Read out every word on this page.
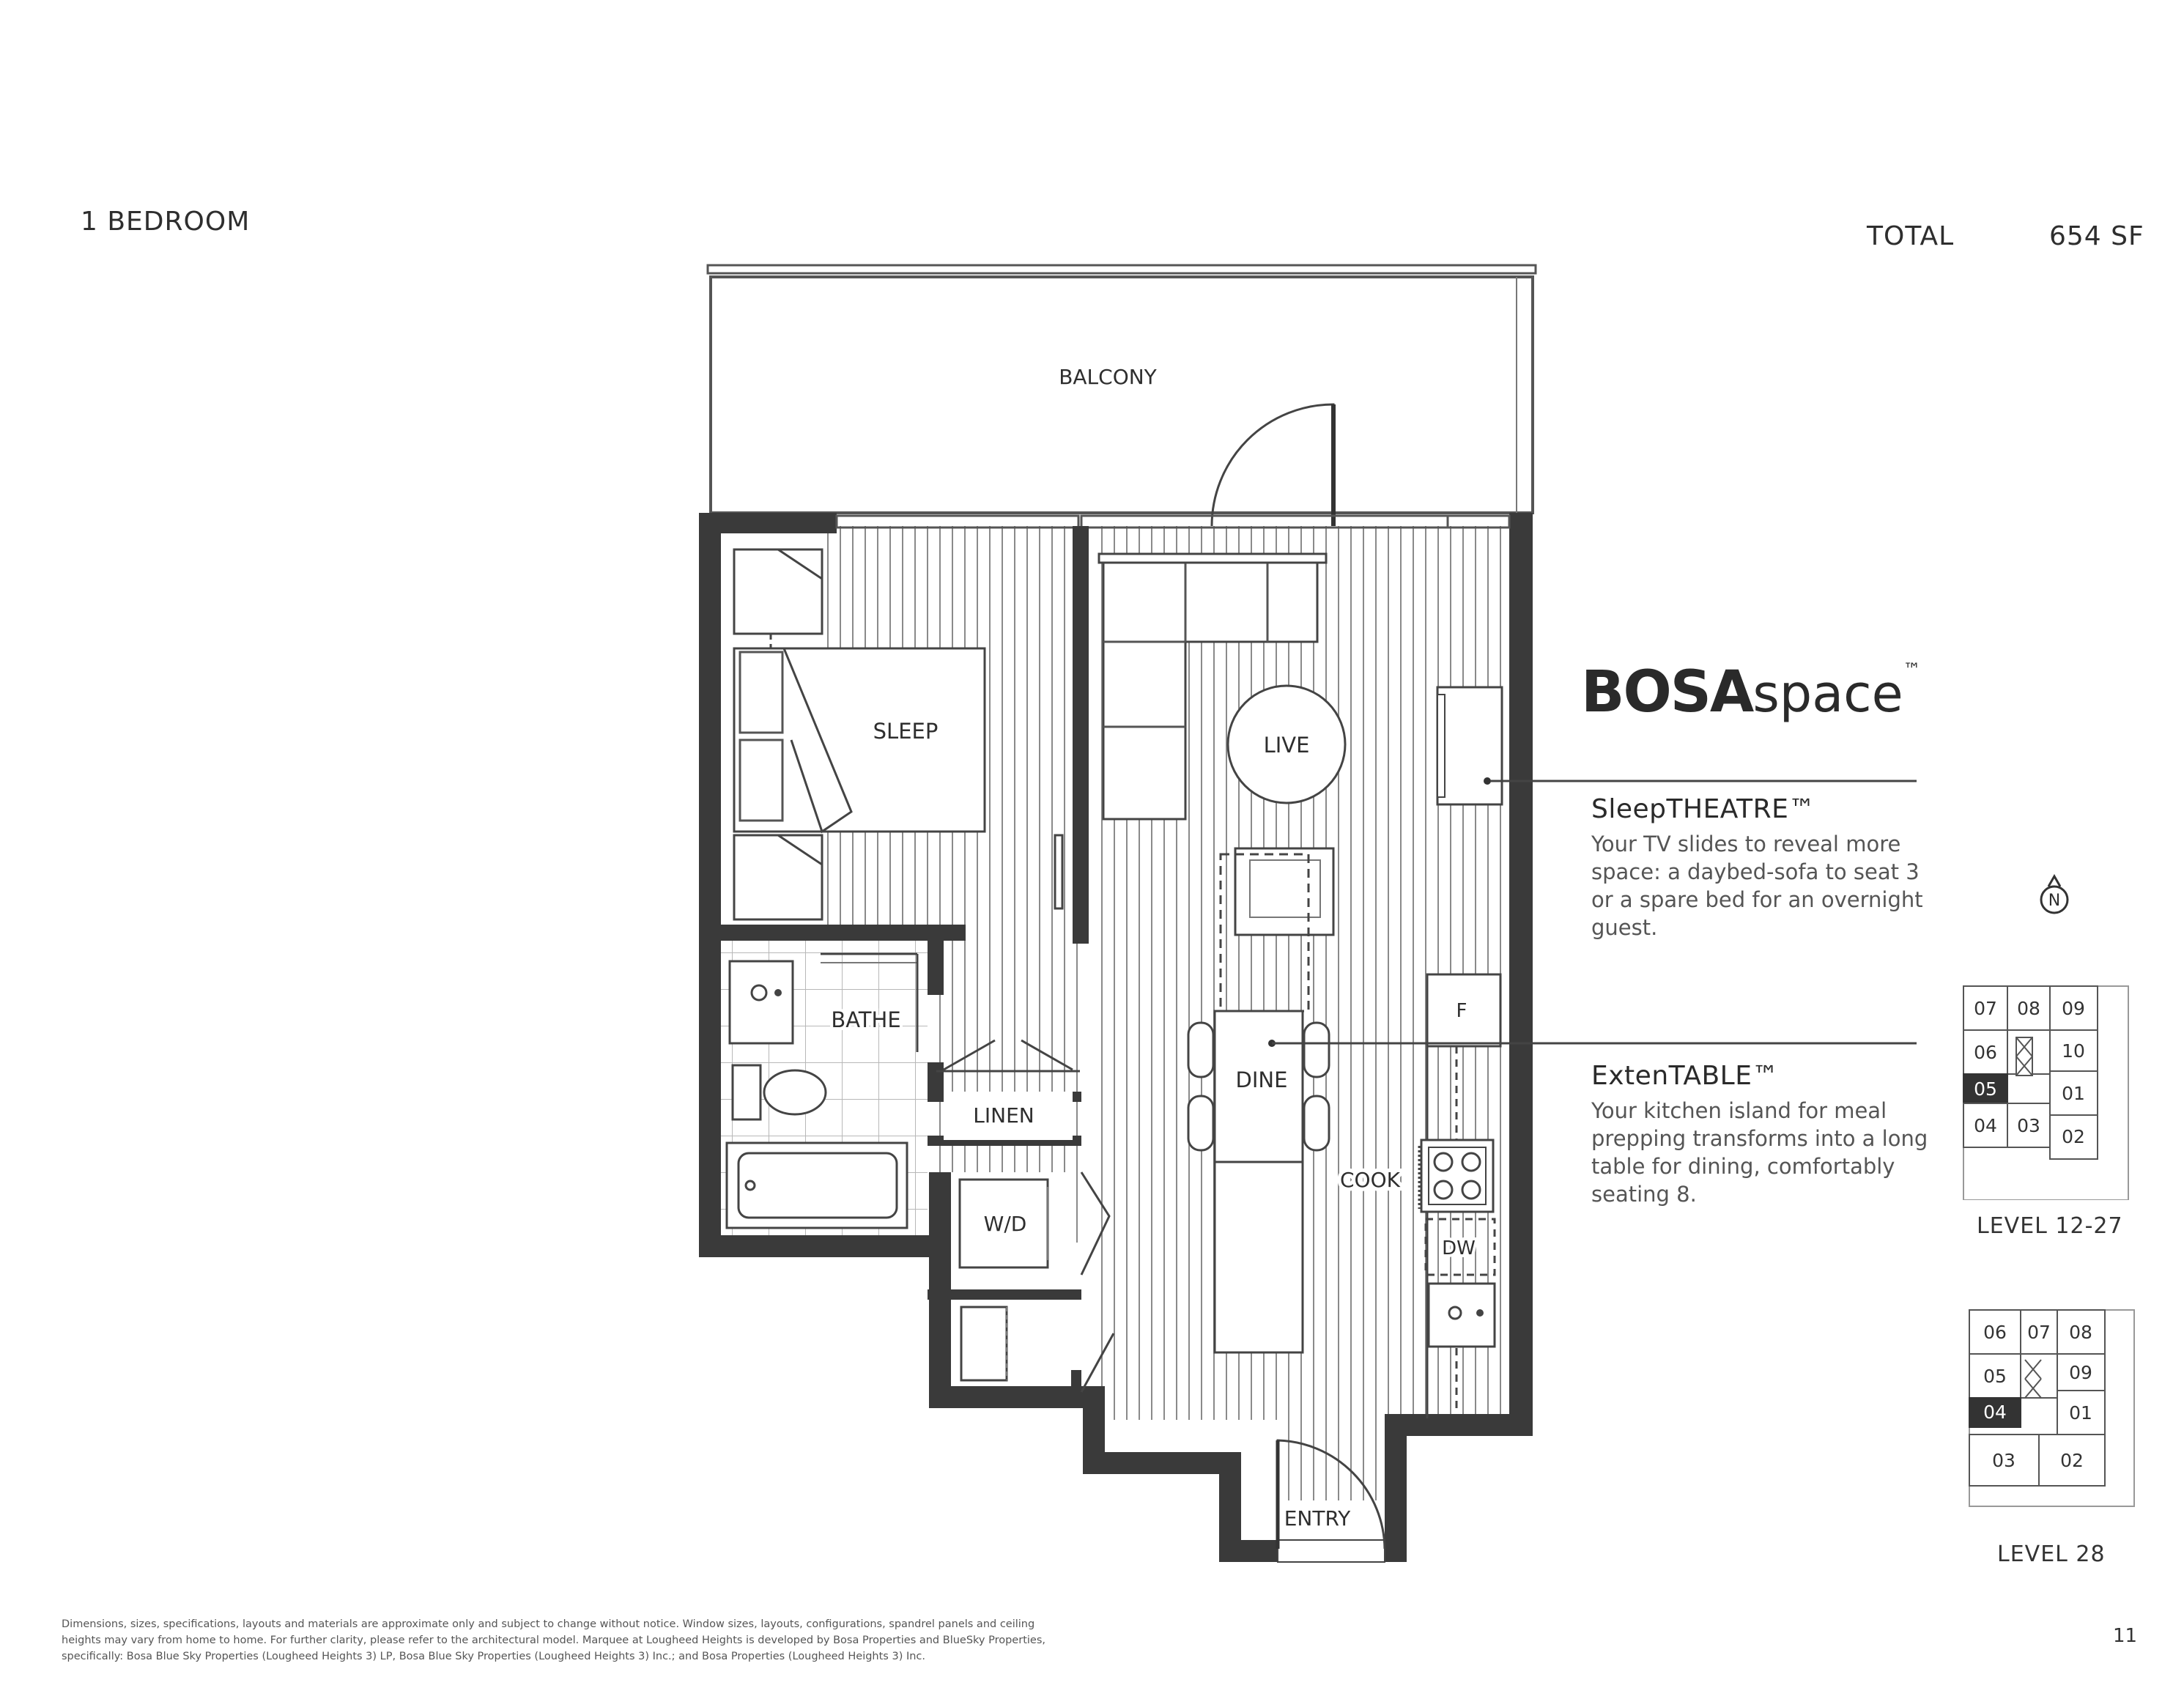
1 BEDROOM	TOTAL	654 SF
BALCONY
SLEEP
LIVE
BATHE
LINEN
W/D
DINE
COOK
F
DW
ENTRY
N
BOSAspace™
SleepTHEATRE™
Your TV slides to reveal more space: a daybed-sofa to seat 3 or a spare bed for an overnight guest.
ExtenTABLE™
Your kitchen island for meal prepping transforms into a long table for dining, comfortably seating 8.
07 08 09
06	10
05	01
04 03
02
LEVEL 12-27
06 07 08
05	09
04	01
03 02
LEVEL 28
Dimensions, sizes, specifications, layouts and materials are approximate only and subject to change without notice. Window sizes, layouts, configurations, spandrel panels and ceiling
heights may vary from home to home. For further clarity, please refer to the architectural model. Marquee at Lougheed Heights is developed by Bosa Properties and BlueSky Properties,
specifically: Bosa Blue Sky Properties (Lougheed Heights 3) LP, Bosa Blue Sky Properties (Lougheed Heights 3) Inc.; and Bosa Properties (Lougheed Heights 3) Inc.
11
